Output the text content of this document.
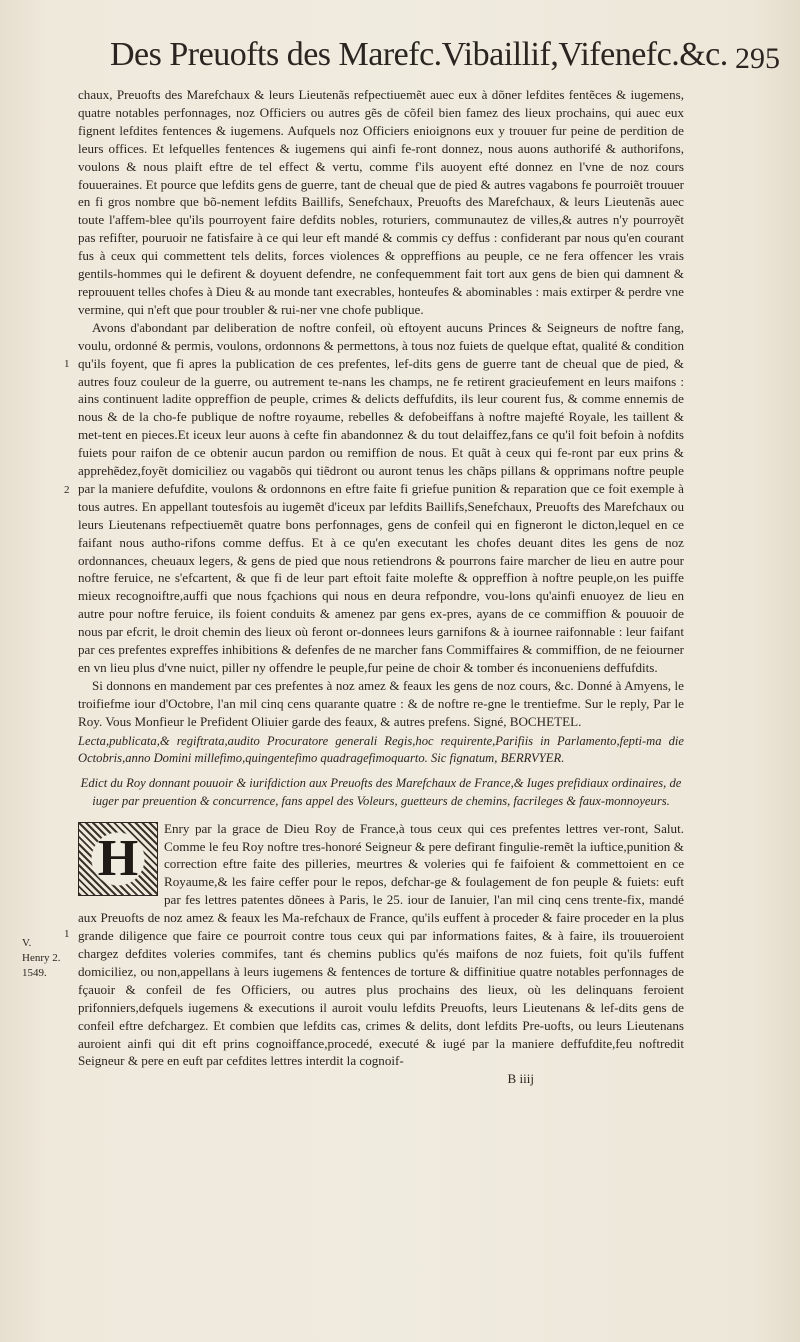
Des Preuofts des Marefc.Vibaillif,Vifenefc.&c. 295
1
2
1
V.
Henry 2.
1549.

chaux, Preuofts des Marefchaux & leurs Lieutenãs refpectiuemẽt auec eux à dõner lefdites fentẽces & iugemens, quatre notables perfonnages, noz Officiers ou autres gẽs de cõfeil bien famez des lieux prochains, qui auec eux fignent lefdites fentences & iugemens. Aufquels noz Officiers enioignons eux y trouuer fur peine de perdition de leurs offices. Et lefquelles fentences & iugemens qui ainfi fe-ront donnez, nous auons authorifé & authorifons, voulons & nous plaift eftre de tel effect & vertu, comme f'ils auoyent efté donnez en l'vne de noz cours fouueraines. Et pource que lefdits gens de guerre, tant de cheual que de pied & autres vagabons fe pourroiẽt trouuer en fi gros nombre que bõ-nement lefdits Baillifs, Senefchaux, Preuofts des Marefchaux, & leurs Lieutenãs auec toute l'affem-blee qu'ils pourroyent faire defdits nobles, roturiers, communautez de villes,& autres n'y pourroyẽt pas refifter, pouruoir ne fatisfaire à ce qui leur eft mandé & commis cy deffus : confiderant par nous qu'en courant fus à ceux qui commettent tels delits, forces violences & oppreffions au peuple, ce ne fera offencer les vrais gentils-hommes qui le defirent & doyuent defendre, ne confequemment fait tort aux gens de bien qui damnent & reprouuent telles chofes à Dieu & au monde tant execrables, honteufes & abominables : mais extirper & perdre vne vermine, qui n'eft que pour troubler & rui-ner vne chofe publique.

Avons d'abondant par deliberation de noftre confeil, où eftoyent aucuns Princes & Seigneurs de noftre fang, voulu, ordonné & permis, voulons, ordonnons & permettons, à tous noz fuiets de quelque eftat, qualité & condition qu'ils foyent, que fi apres la publication de ces prefentes, lef-dits gens de guerre tant de cheual que de pied, & autres fouz couleur de la guerre, ou autrement te-nans les champs, ne fe retirent gracieufement en leurs maifons : ains continuent ladite oppreffion de peuple, crimes & delicts deffufdits, ils leur courent fus, & comme ennemis de nous & de la cho-fe publique de noftre royaume, rebelles & defobeiffans à noftre majefté Royale, les taillent & met-tent en pieces.Et iceux leur auons à cefte fin abandonnez & du tout delaiffez,fans ce qu'il foit befoin à nofdits fuiets pour raifon de ce obtenir aucun pardon ou remiffion de nous. Et quãt à ceux qui fe-ront par eux prins & apprehẽdez,foyẽt domiciliez ou vagabõs qui tiẽdront ou auront tenus les chãps pillans & opprimans noftre peuple par la maniere defufdite, voulons & ordonnons en eftre faite fi griefue punition & reparation que ce foit exemple à tous autres. En appellant toutesfois au iugemẽt d'iceux par lefdits Baillifs,Senefchaux, Preuofts des Marefchaux ou leurs Lieutenans refpectiuemẽt quatre bons perfonnages, gens de confeil qui en figneront le dicton,lequel en ce faifant nous autho-rifons comme deffus. Et à ce qu'en executant les chofes deuant dites les gens de noz ordonnances, cheuaux legers, & gens de pied que nous retiendrons & pourrons faire marcher de lieu en autre pour noftre feruice, ne s'efcartent, & que fi de leur part eftoit faite molefte & oppreffion à noftre peuple,on les puiffe mieux recognoiftre,auffi que nous fçachions qui nous en deura refpondre, vou-lons qu'ainfi enuoyez de lieu en autre pour noftre feruice, ils foient conduits & amenez par gens ex-pres, ayans de ce commiffion & pouuoir de nous par efcrit, le droit chemin des lieux où feront or-donnees leurs garnifons & à iournee raifonnable : leur faifant par ces prefentes expreffes inhibitions & defenfes de ne marcher fans Commiffaires & commiffion, de ne feiourner en vn lieu plus d'vne nuict, piller ny offendre le peuple,fur peine de choir & tomber és inconueniens deffufdits.

Si donnons en mandement par ces prefentes à noz amez & feaux les gens de noz cours, &c. Donné à Amyens, le troifiefme iour d'Octobre, l'an mil cinq cens quarante quatre : & de noftre re-gne le trentiefme. Sur le reply, Par le Roy. Vous Monfieur le Prefident Oliuier garde des feaux, & autres prefens. Signé, BOCHETEL.

Lecta,publicata,& regiftrata,audito Procuratore generali Regis,hoc requirente,Parifiis in Parlamento,fepti-ma die Octobris,anno Domini millefimo,quingentefimo quadragefimoquarto. Sic fignatum, BERRVYER.

Edict du Roy donnant pouuoir & iurifdiction aux Preuofts des Marefchaux de France,& Iuges prefidiaux ordinaires, de iuger par preuention & concurrence, fans appel des Voleurs, guetteurs de chemins, facrileges & faux-monnoyeurs.

H

Enry par la grace de Dieu Roy de France,à tous ceux qui ces prefentes lettres ver-ront, Salut. Comme le feu Roy noftre tres-honoré Seigneur & pere defirant fingulie-remẽt la iuftice,punition & correction eftre faite des pilleries, meurtres & voleries qui fe faifoient & commettoient en ce Royaume,& les faire ceffer pour le repos, defchar-ge & foulagement de fon peuple & fuiets: euft par fes lettres patentes dõnees à Paris, le 25. iour de Ianuier, l'an mil cinq cens trente-fix, mandé aux Preuofts de noz amez & feaux les Ma-refchaux de France, qu'ils euffent à proceder & faire proceder en la plus grande diligence que faire ce pourroit contre tous ceux qui par informations faites, & à faire, ils trouueroient chargez defdites voleries commifes, tant és chemins publics qu'és maifons de noz fuiets, foit qu'ils fuffent domiciliez, ou non,appellans à leurs iugemens & fentences de torture & diffinitiue quatre notables perfonnages de fçauoir & confeil de fes Officiers, ou autres plus prochains des lieux, où les delinquans feroient prifonniers,defquels iugemens & executions il auroit voulu lefdits Preuofts, leurs Lieutenans & lef-dits gens de confeil eftre defchargez. Et combien que lefdits cas, crimes & delits, dont lefdits Pre-uofts, ou leurs Lieutenans auroient ainfi qui dit eft prins cognoiffance,procedé, executé & iugé par la maniere deffufdite,feu noftredit Seigneur & pere en euft par cefdites lettres interdit la cognoif-

B iiij
